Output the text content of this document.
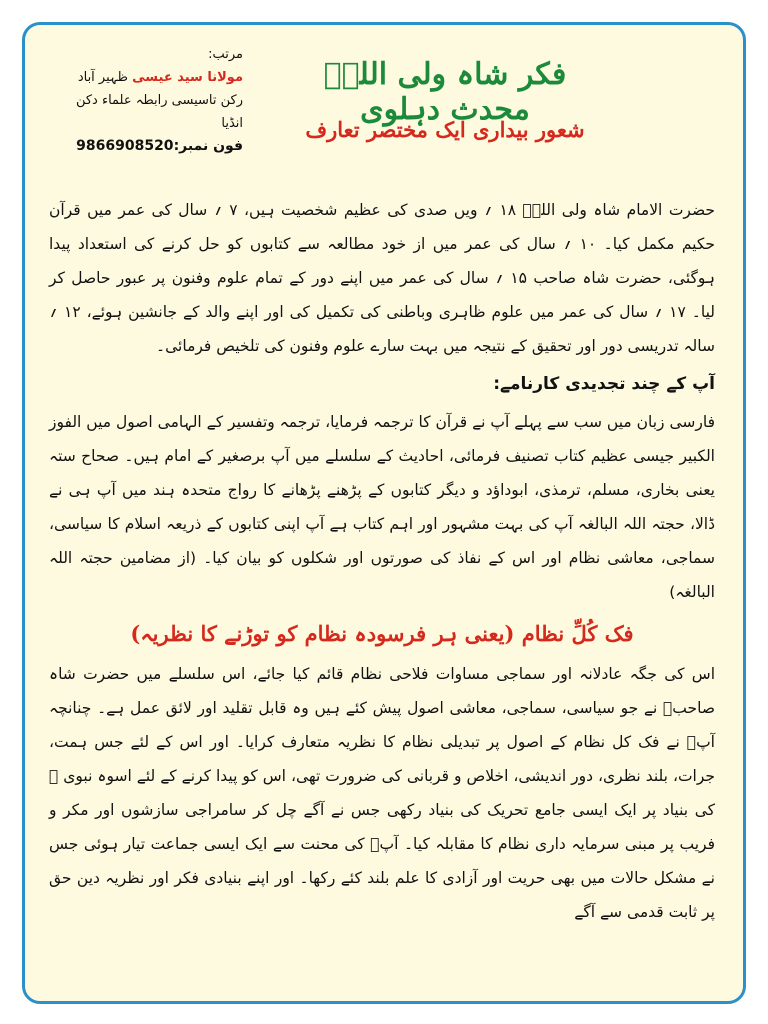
فکر شاہ ولی اللہؒ محدث دہلوی
شعور بیداری ایک مختصر تعارف
مرتب:
مولانا سید عیسی ظہیر آباد
رکن تاسیسی رابطہ علماء دکن انڈیا
فون نمبر:9866908520

حضرت الامام شاہ ولی اللہؒ ۱۸ ؍ ویں صدی کی عظیم شخصیت ہیں، ۷ ؍ سال کی عمر میں قرآن حکیم مکمل کیا۔ ۱۰ ؍ سال کی عمر میں از خود مطالعہ سے کتابوں کو حل کرنے کی استعداد پیدا ہوگئی، حضرت شاہ صاحب ۱۵ ؍ سال کی عمر میں اپنے دور کے تمام علوم وفنون پر عبور حاصل کر لیا۔ ۱۷ ؍ سال کی عمر میں علوم ظاہری وباطنی کی تکمیل کی اور اپنے والد کے جانشین ہوئے، ۱۲ ؍ سالہ تدریسی دور اور تحقیق کے نتیجہ میں بہت سارے علوم وفنون کی تلخیص فرمائی۔

آپ کے چند تجدیدی کارنامے:

فارسی زبان میں سب سے پہلے آپ نے قرآن کا ترجمہ فرمایا، ترجمہ وتفسیر کے الہامی اصول میں الفوز الکبیر جیسی عظیم کتاب تصنیف فرمائی، احادیث کے سلسلے میں آپ برصغیر کے امام ہیں۔ صحاح ستہ یعنی بخاری، مسلم، ترمذی، ابوداؤد و دیگر کتابوں کے پڑھنے پڑھانے کا رواج متحدہ ہند میں آپ ہی نے ڈالا، حجتہ اللہ البالغہ آپ کی بہت مشہور اور اہم کتاب ہے آپ اپنی کتابوں کے ذریعہ اسلام کا سیاسی، سماجی، معاشی نظام اور اس کے نفاذ کی صورتوں اور شکلوں کو بیان کیا۔ (از مضامین حجتہ اللہ البالغہ)

فک کُلِّ نظام (یعنی ہر فرسودہ نظام کو توڑنے کا نظریہ)

اس کی جگہ عادلانہ اور سماجی مساوات فلاحی نظام قائم کیا جائے، اس سلسلے میں حضرت شاہ صاحبؒ نے جو سیاسی، سماجی، معاشی اصول پیش کئے ہیں وہ قابل تقلید اور لائق عمل ہے۔ چنانچہ آپؒ نے فک کل نظام کے اصول پر تبدیلی نظام کا نظریہ متعارف کرایا۔ اور اس کے لئے جس ہمت، جرات، بلند نظری، دور اندیشی، اخلاص و قربانی کی ضرورت تھی، اس کو پیدا کرنے کے لئے اسوہ نبوی ﷺ کی بنیاد پر ایک ایسی جامع تحریک کی بنیاد رکھی جس نے آگے چل کر سامراجی سازشوں اور مکر و فریب پر مبنی سرمایہ داری نظام کا مقابلہ کیا۔ آپؒ کی محنت سے ایک ایسی جماعت تیار ہوئی جس نے مشکل حالات میں بھی حریت اور آزادی کا علم بلند کئے رکھا۔ اور اپنے بنیادی فکر اور نظریہ دین حق پر ثابت قدمی سے آگے
